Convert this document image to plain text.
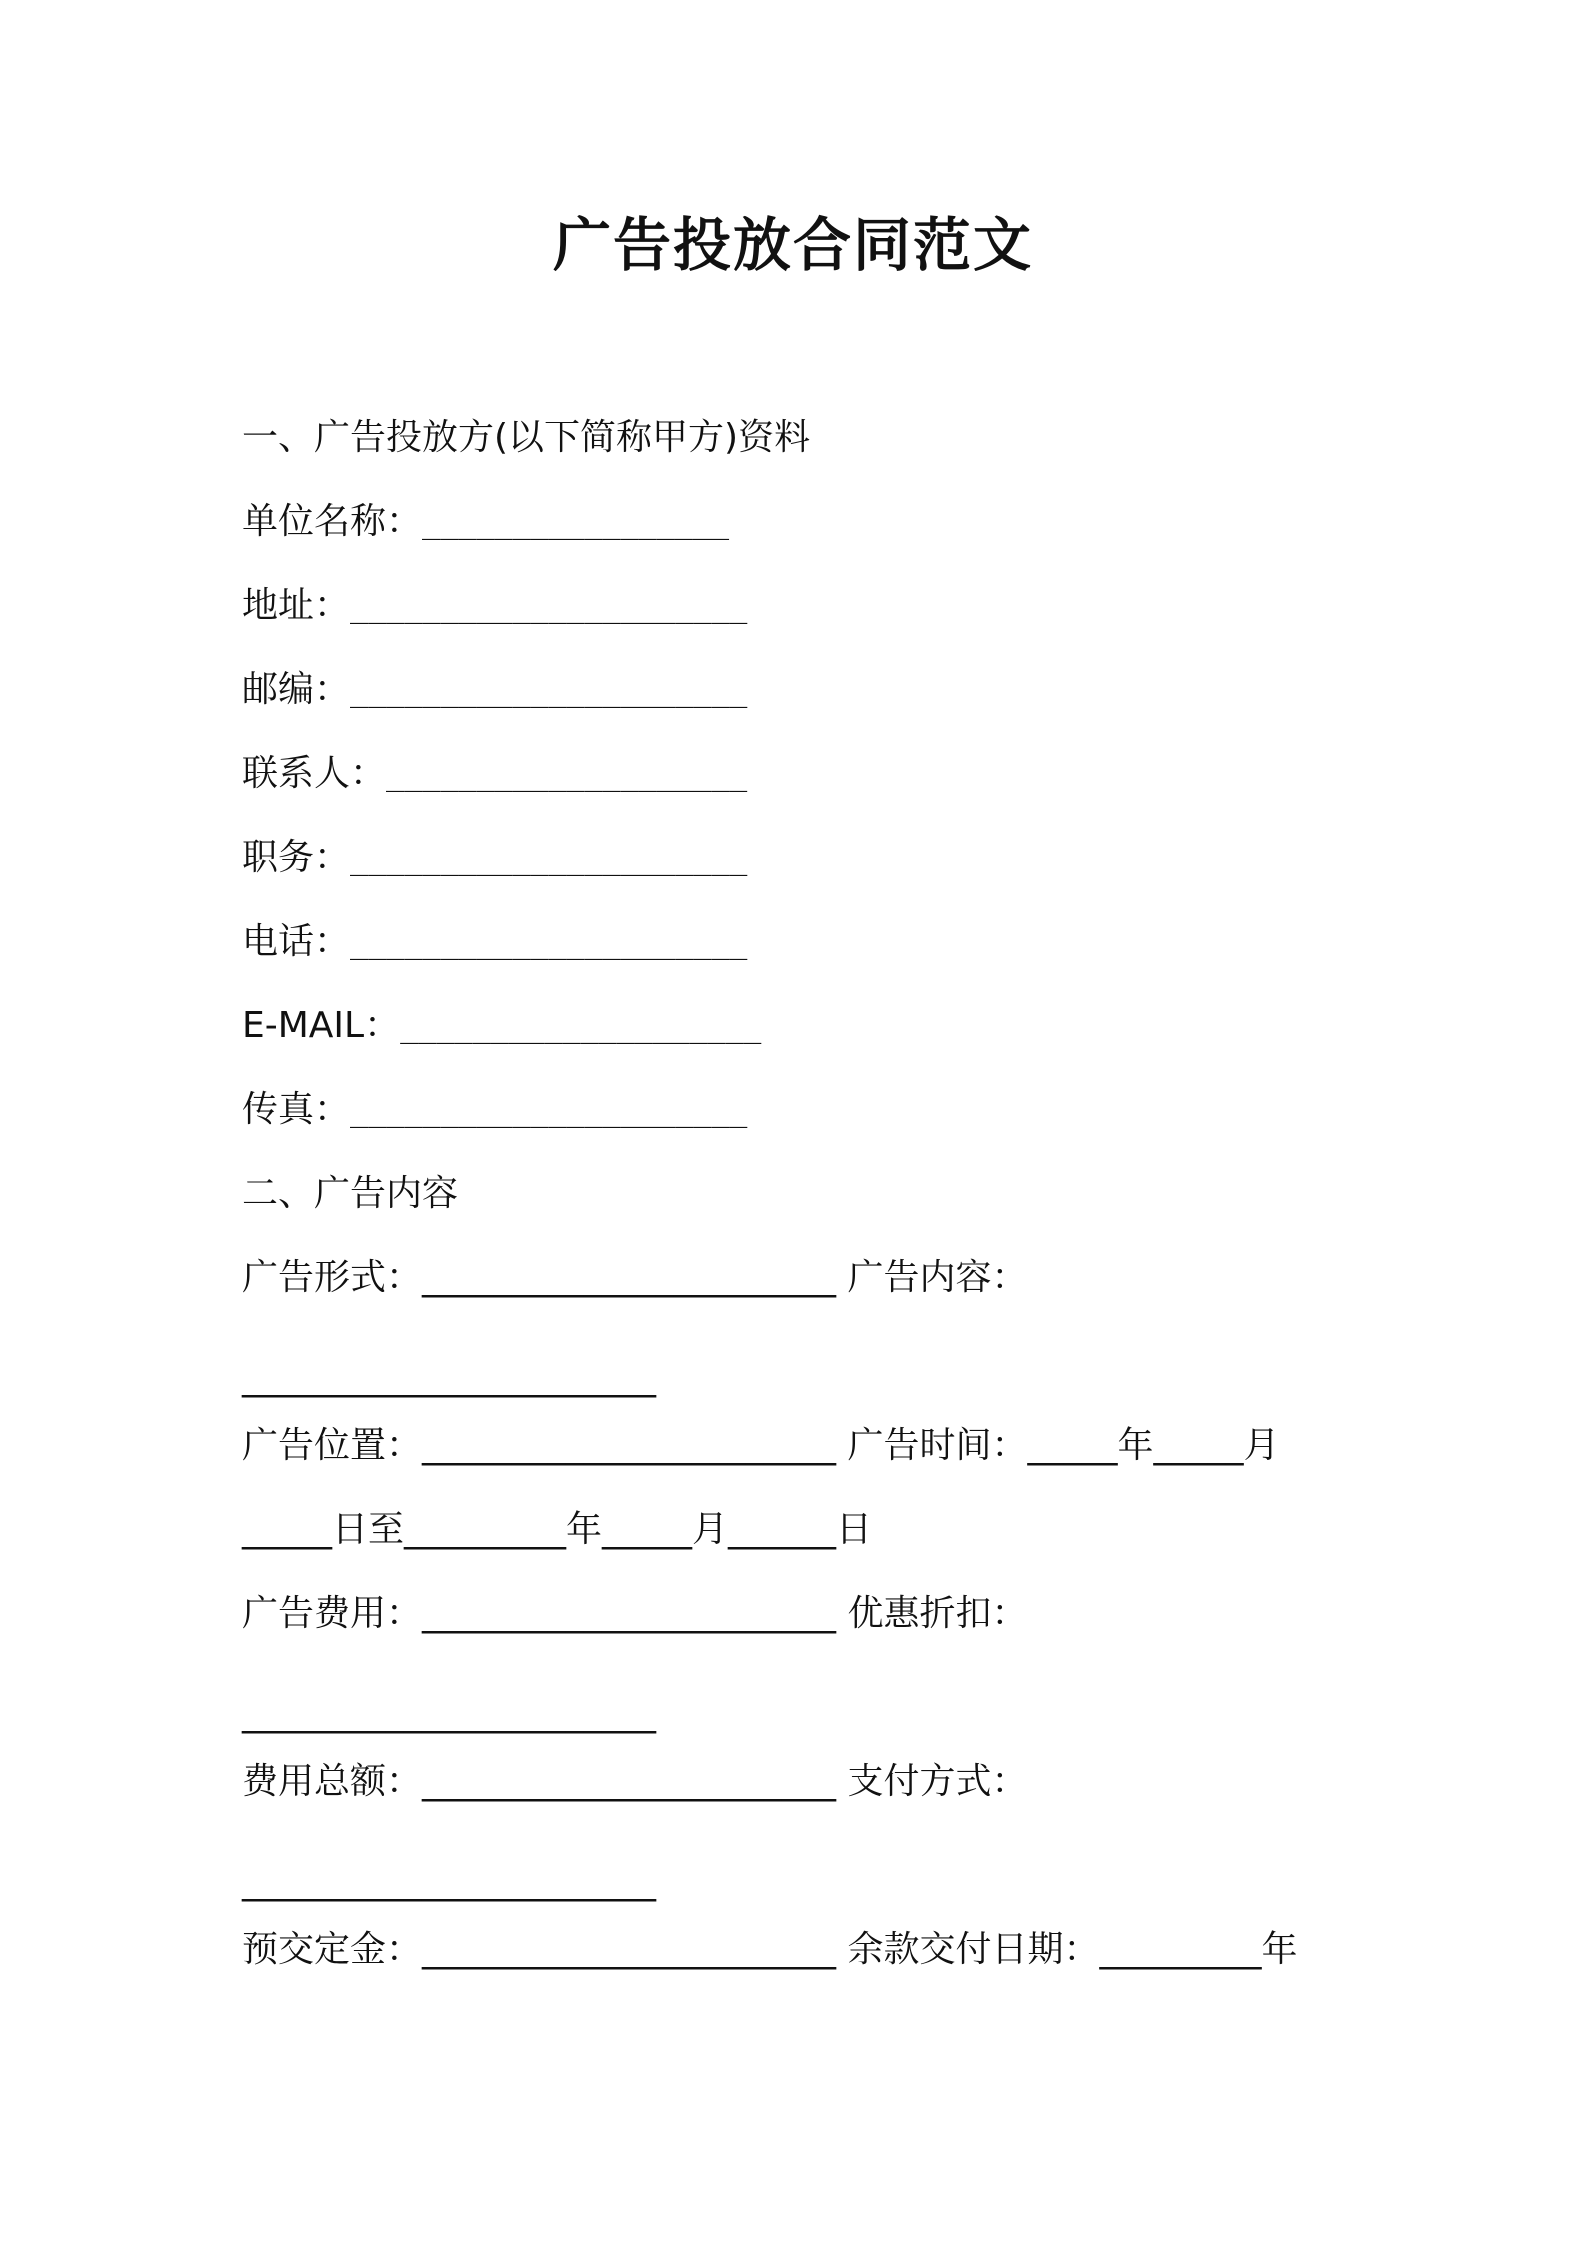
广告投放合同范文
一、广告投放方(以下简称甲方)资料
单位名称：_________________
地址：______________________
邮编：______________________
联系人：____________________
职务：______________________
电话：______________________
E-MAIL：____________________
传真：______________________
二、广告内容
广告形式：_______________________ 广告内容：
_______________________
广告位置：_______________________ 广告时间：_____年_____月
_____日至_________年_____月______日
广告费用：_______________________ 优惠折扣：
_______________________
费用总额：_______________________ 支付方式：
_______________________
预交定金：_______________________ 余款交付日期：_________年
